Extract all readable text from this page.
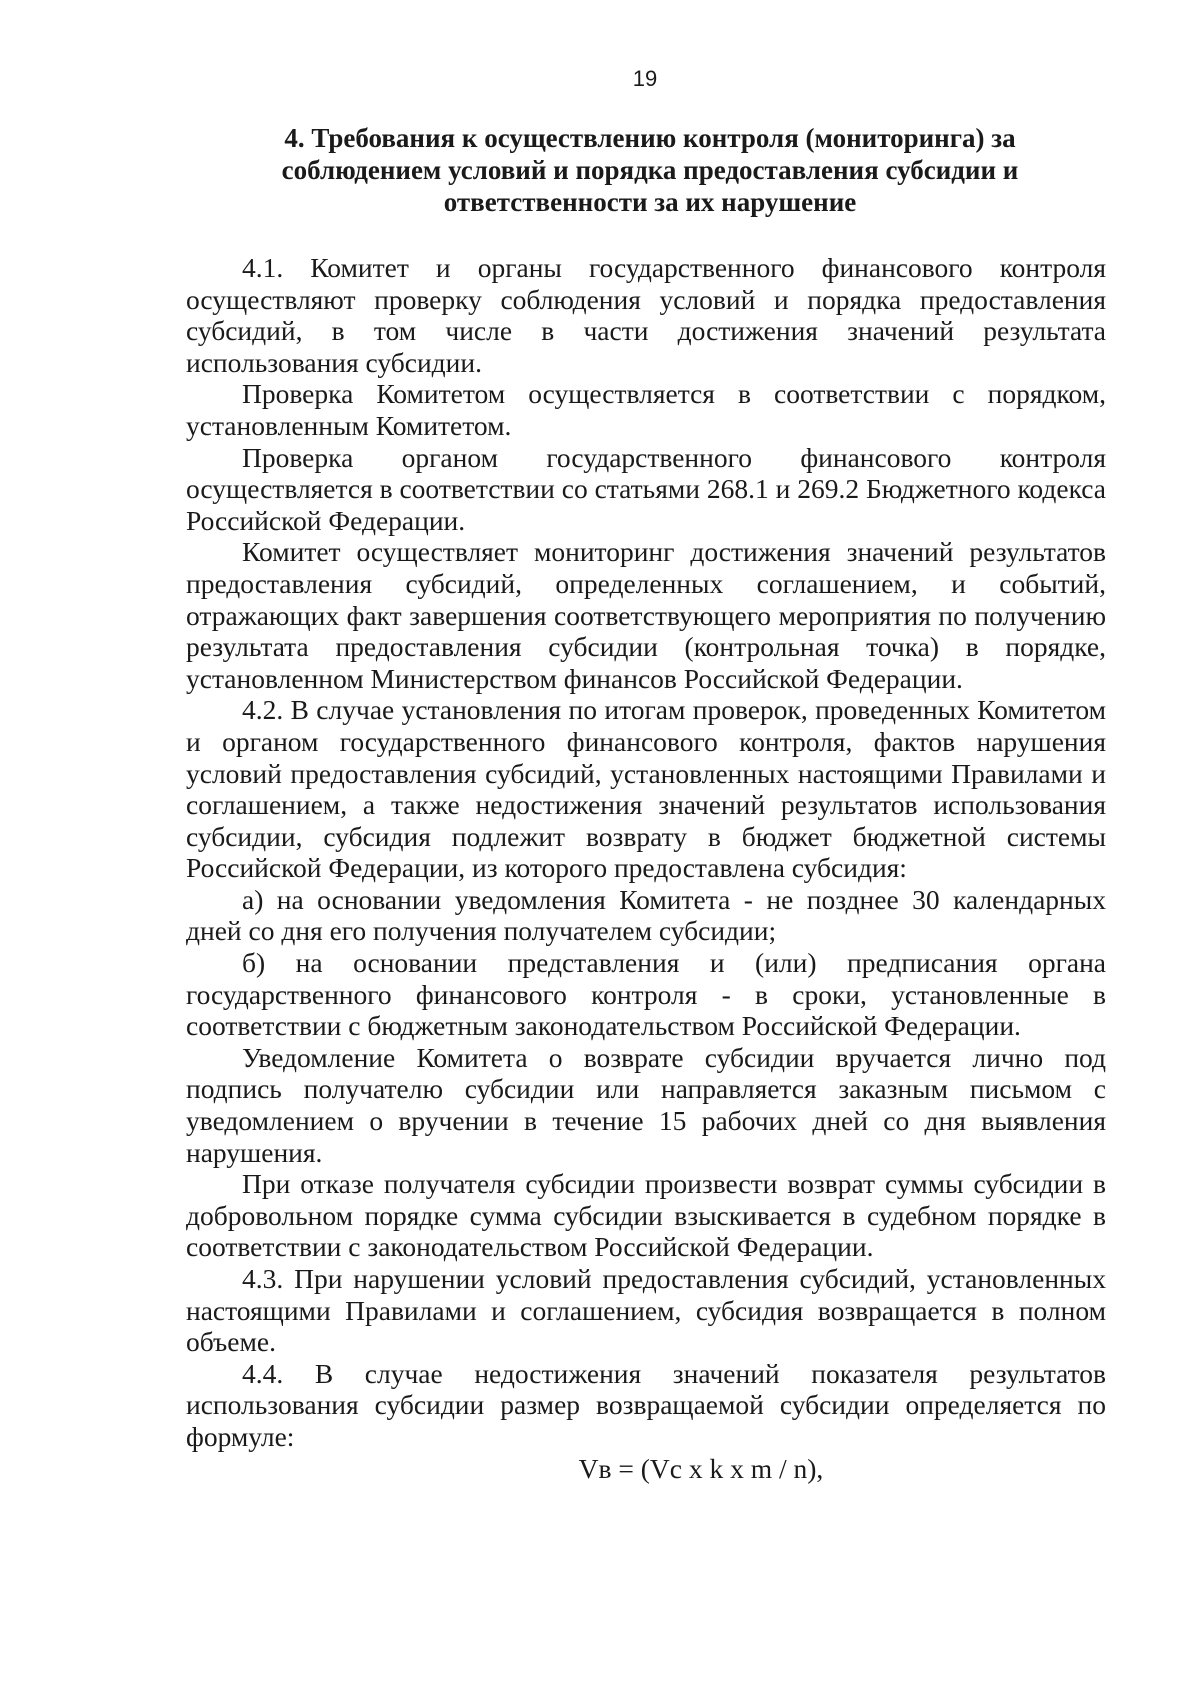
19
4. Требования к осуществлению контроля (мониторинга) за
соблюдением условий и порядка предоставления субсидии и
ответственности за их нарушение

4.1. Комитет и органы государственного финансового контроля осуществляют проверку соблюдения условий и порядка предоставления субсидий, в том числе в части достижения значений результата использования субсидии.

Проверка Комитетом осуществляется в соответствии с порядком, установленным Комитетом.

Проверка органом государственного финансового контроля осуществляется в соответствии со статьями 268.1 и 269.2 Бюджетного кодекса Российской Федерации.

Комитет осуществляет мониторинг достижения значений результатов предоставления субсидий, определенных соглашением, и событий, отражающих факт завершения соответствующего мероприятия по получению результата предоставления субсидии (контрольная точка) в порядке, установленном Министерством финансов Российской Федерации.

4.2. В случае установления по итогам проверок, проведенных Комитетом и органом государственного финансового контроля, фактов нарушения условий предоставления субсидий, установленных настоящими Правилами и соглашением, а также недостижения значений результатов использования субсидии, субсидия подлежит возврату в бюджет бюджетной системы Российской Федерации, из которого предоставлена субсидия:

а) на основании уведомления Комитета - не позднее 30 календарных дней со дня его получения получателем субсидии;

б) на основании представления и (или) предписания органа государственного финансового контроля - в сроки, установленные в соответствии с бюджетным законодательством Российской Федерации.

Уведомление Комитета о возврате субсидии вручается лично под подпись получателю субсидии или направляется заказным письмом с уведомлением о вручении в течение 15 рабочих дней со дня выявления нарушения.

При отказе получателя субсидии произвести возврат суммы субсидии в добровольном порядке сумма субсидии взыскивается в судебном порядке в соответствии с законодательством Российской Федерации.

4.3. При нарушении условий предоставления субсидий, установленных настоящими Правилами и соглашением, субсидия возвращается в полном объеме.

4.4. В случае недостижения значений показателя результатов использования субсидии размер возвращаемой субсидии определяется по формуле:

Vв = (Vc x k x m / n),
